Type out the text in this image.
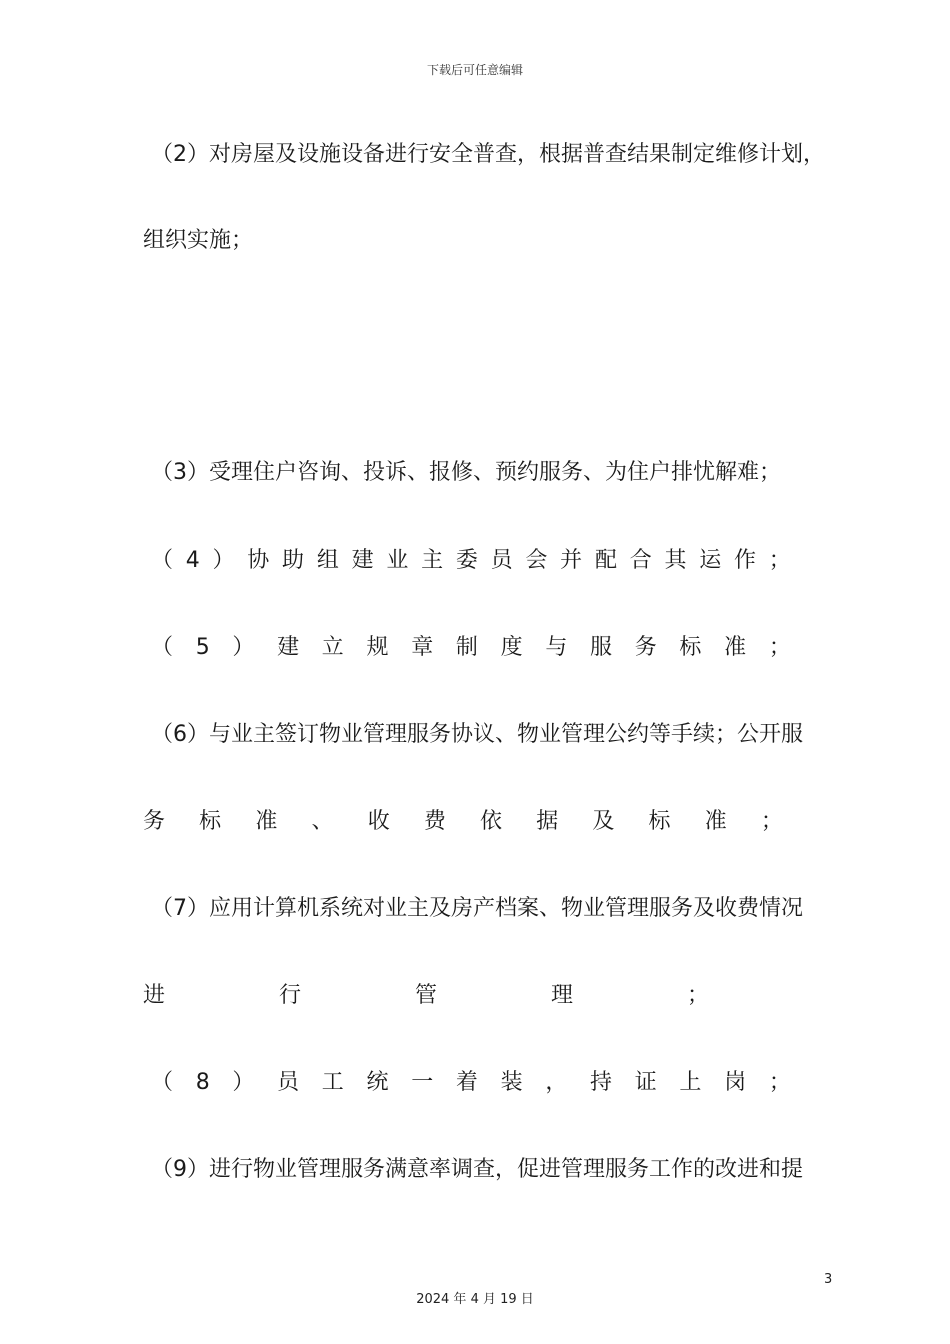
下载后可任意编辑
（2）对房屋及设施设备进行安全普查，根据普查结果制定维修计划，
组织实施；
（3）受理住户咨询、投诉、报修、预约服务、为住户排忧解难；
（ 4 ） 协 助 组 建 业 主 委 员 会 并 配 合 其 运 作 ；
（ 5 ） 建 立 规 章 制 度 与 服 务 标 准 ；
（6）与业主签订物业管理服务协议、物业管理公约等手续；公开服
务 标 准 、 收 费 依 据 及 标 准 ；
（7）应用计算机系统对业主及房产档案、物业管理服务及收费情况
进	行	管	理	；
（ 8 ） 员 工 统 一 着 装 ， 持 证 上 岗 ；
（9）进行物业管理服务满意率调查，促进管理服务工作的改进和提
3
2024 年 4 月 19 日
